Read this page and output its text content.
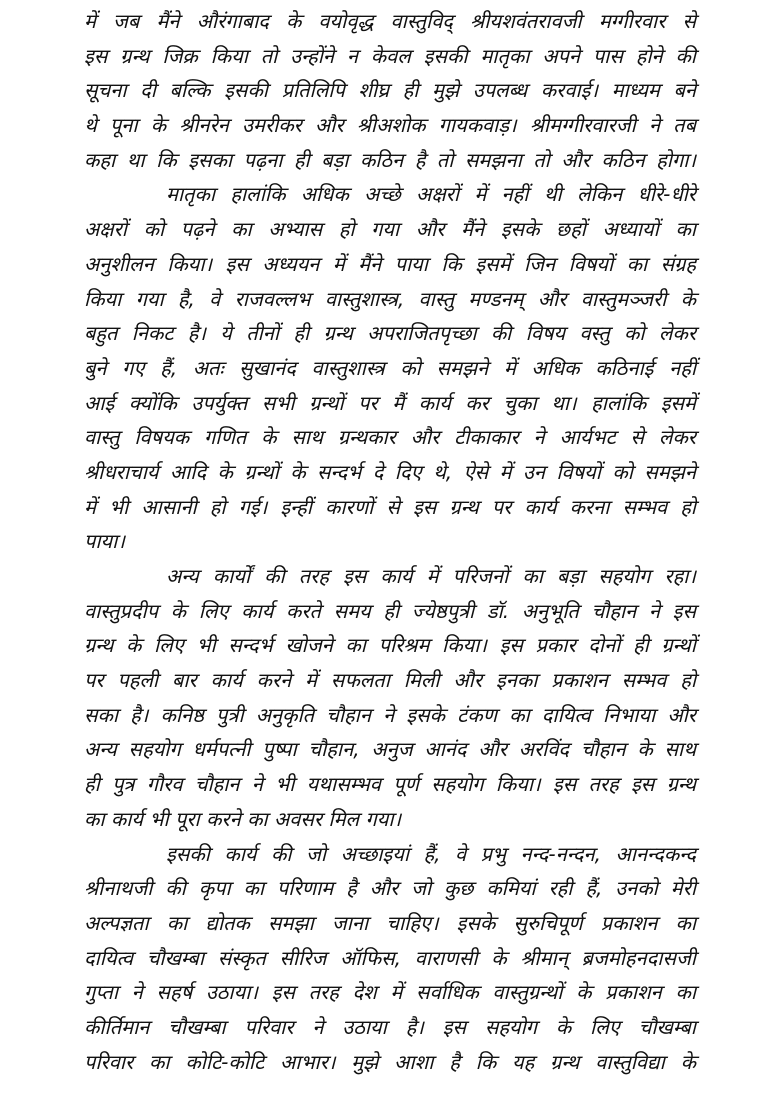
में जब मैंने औरंगाबाद के वयोवृद्ध वास्तुविद् श्रीयशवंतरावजी मग्गीरवार से
इस ग्रन्थ जिक्र किया तो उन्होंने न केवल इसकी मातृका अपने पास होने की
सूचना दी बल्कि इसकी प्रतिलिपि शीघ्र ही मुझे उपलब्ध करवाई। माध्यम बने
थे पूना के श्रीनरेन उमरीकर और श्रीअशोक गायकवाड़। श्रीमग्गीरवारजी ने तब
कहा था कि इसका पढ़ना ही बड़ा कठिन है तो समझना तो और कठिन होगा।
मातृका हालांकि अधिक अच्छे अक्षरों में नहीं थी लेकिन धीरे-धीरे
अक्षरों को पढ़ने का अभ्यास हो गया और मैंने इसके छहों अध्यायों का
अनुशीलन किया। इस अध्ययन में मैंने पाया कि इसमें जिन विषयों का संग्रह
किया गया है, वे राजवल्लभ वास्तुशास्त्र, वास्तु मण्डनम् और वास्तुमञ्जरी के
बहुत निकट है। ये तीनों ही ग्रन्थ अपराजितपृच्छा की विषय वस्तु को लेकर
बुने गए हैं, अतः सुखानंद वास्तुशास्त्र को समझने में अधिक कठिनाई नहीं
आई क्योंकि उपर्युक्त सभी ग्रन्थों पर मैं कार्य कर चुका था। हालांकि इसमें
वास्तु विषयक गणित के साथ ग्रन्थकार और टीकाकार ने आर्यभट से लेकर
श्रीधराचार्य आदि के ग्रन्थों के सन्दर्भ दे दिए थे, ऐसे में उन विषयों को समझने
में भी आसानी हो गई। इन्हीं कारणों से इस ग्रन्थ पर कार्य करना सम्भव हो
पाया।
अन्य कार्यों की तरह इस कार्य में परिजनों का बड़ा सहयोग रहा।
वास्तुप्रदीप के लिए कार्य करते समय ही ज्येष्ठपुत्री डॉ. अनुभूति चौहान ने इस
ग्रन्थ के लिए भी सन्दर्भ खोजने का परिश्रम किया। इस प्रकार दोनों ही ग्रन्थों
पर पहली बार कार्य करने में सफलता मिली और इनका प्रकाशन सम्भव हो
सका है। कनिष्ठ पुत्री अनुकृति चौहान ने इसके टंकण का दायित्व निभाया और
अन्य सहयोग धर्मपत्नी पुष्पा चौहान, अनुज आनंद और अरविंद चौहान के साथ
ही पुत्र गौरव चौहान ने भी यथासम्भव पूर्ण सहयोग किया। इस तरह इस ग्रन्थ
का कार्य भी पूरा करने का अवसर मिल गया।
इसकी कार्य की जो अच्छाइयां हैं, वे प्रभु नन्द-नन्दन, आनन्दकन्द
श्रीनाथजी की कृपा का परिणाम है और जो कुछ कमियां रही हैं, उनको मेरी
अल्पज्ञता का द्योतक समझा जाना चाहिए। इसके सुरुचिपूर्ण प्रकाशन का
दायित्व चौखम्बा संस्कृत सीरिज ऑफिस, वाराणसी के श्रीमान् ब्रजमोहनदासजी
गुप्ता ने सहर्ष उठाया। इस तरह देश में सर्वाधिक वास्तुग्रन्थों के प्रकाशन का
कीर्तिमान चौखम्बा परिवार ने उठाया है। इस सहयोग के लिए चौखम्बा
परिवार का कोटि-कोटि आभार। मुझे आशा है कि यह ग्रन्थ वास्तुविद्या के
